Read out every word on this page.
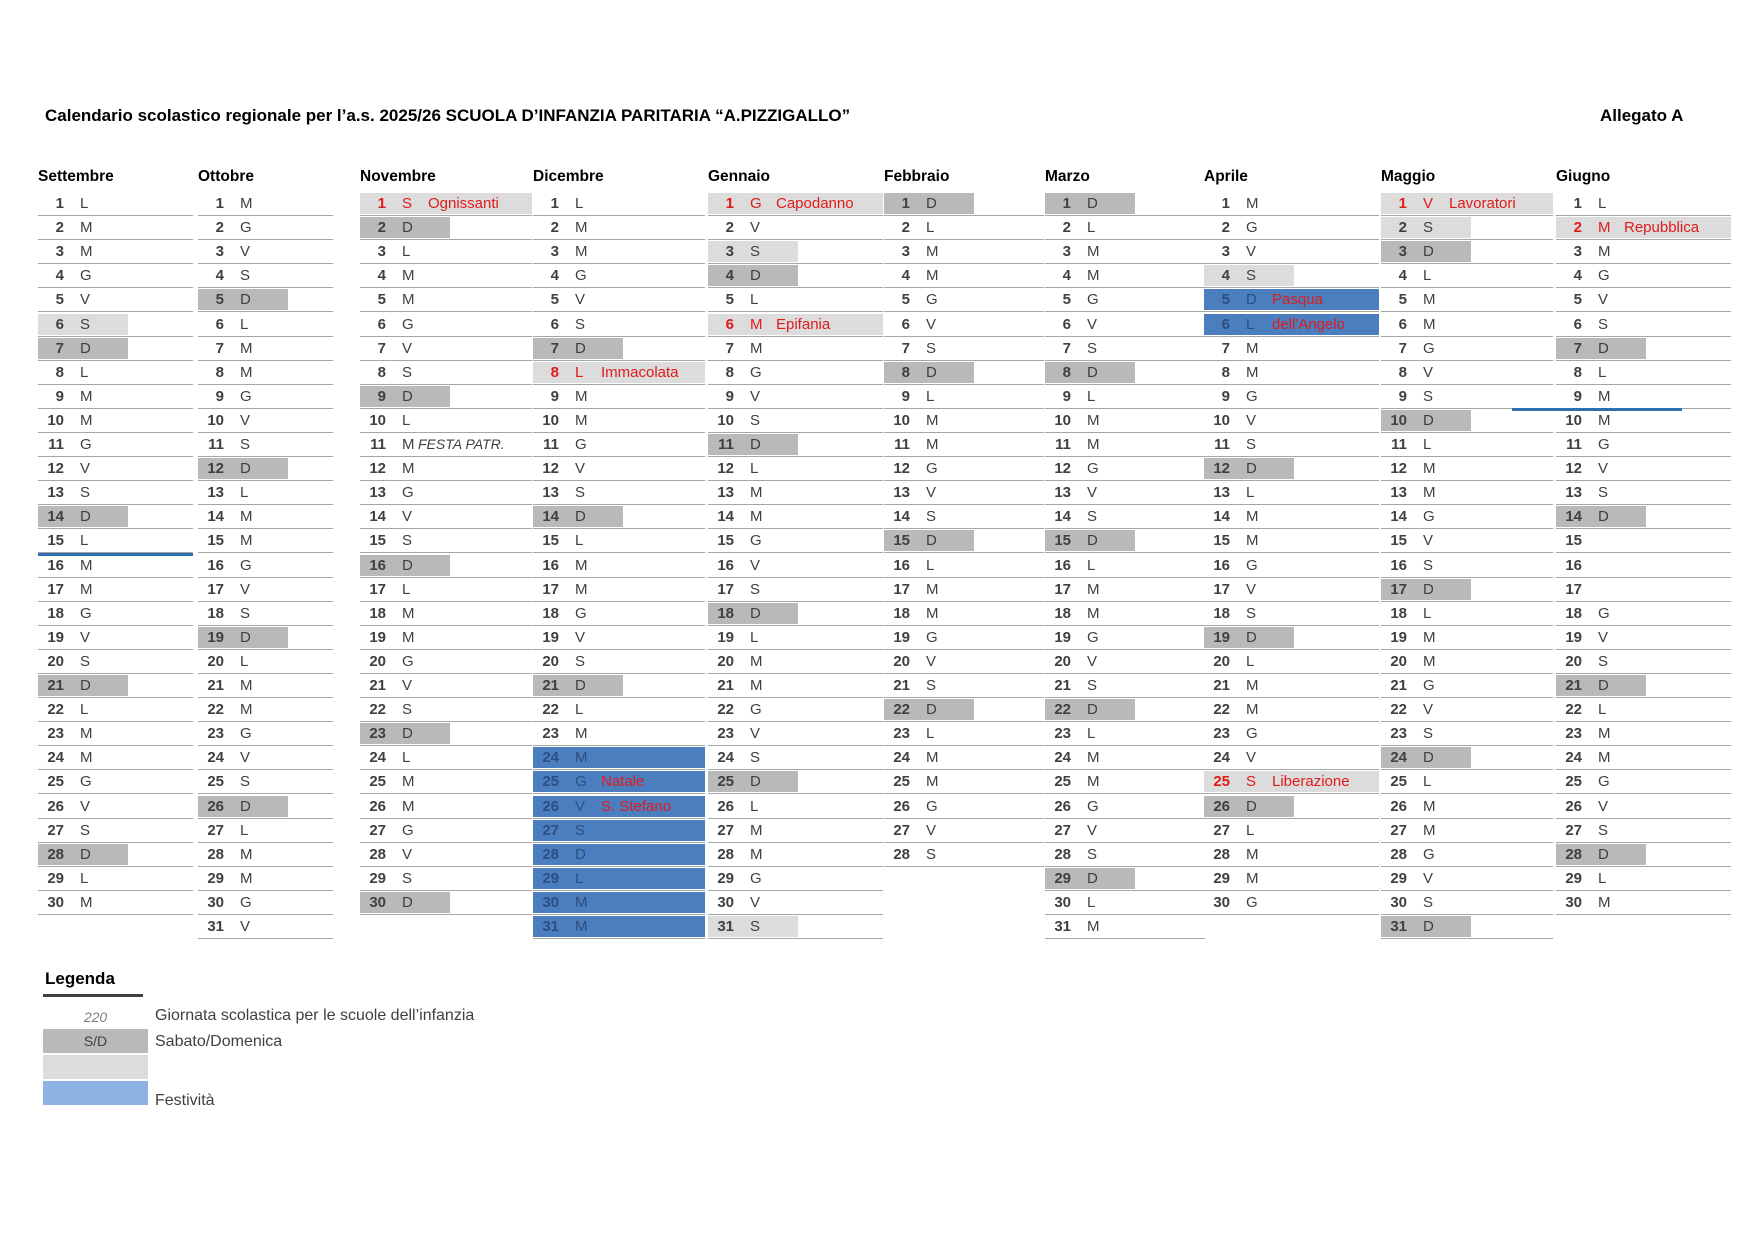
Calendario scolastico regionale per l’a.s. 2025/26 SCUOLA D’INFANZIA PARITARIA “A.PIZZIGALLO”	Allegato A
Settembre
1 L
2 M
3 M
4 G
5 V
6 S
7 D
8 L
9 M
10 M
11 G
12 V
13 S
14 D
15 L
16 M
17 M
18 G
19 V
20 S
21 D
22 L
23 M
24 M
25 G
26 V
27 S
28 D
29 L
30 M
Ottobre
1 M
2 G
3 V
4 S
5 D
6 L
7 M
8 M
9 G
10 V
11 S
12 D
13 L
14 M
15 M
16 G
17 V
18 S
19 D
20 L
21 M
22 M
23 G
24 V
25 S
26 D
27 L
28 M
29 M
30 G
31 V
Novembre
1 S Ognissanti
2 D
3 L
4 M
5 M
6 G
7 V
8 S
9 D
10 L
11 M FESTA PATR.
12 M
13 G
14 V
15 S
16 D
17 L
18 M
19 M
20 G
21 V
22 S
23 D
24 L
25 M
26 M
27 G
28 V
29 S
30 D
Dicembre
1 L
2 M
3 M
4 G
5 V
6 S
7 D
8 L Immacolata
9 M
10 M
11 G
12 V
13 S
14 D
15 L
16 M
17 M
18 G
19 V
20 S
21 D
22 L
23 M
24 M
25 G Natale
26 V S. Stefano
27 S
28 D
29 L
30 M
31 M
Gennaio
1 G Capodanno
2 V
3 S
4 D
5 L
6 M Epifania
7 M
8 G
9 V
10 S
11 D
12 L
13 M
14 M
15 G
16 V
17 S
18 D
19 L
20 M
21 M
22 G
23 V
24 S
25 D
26 L
27 M
28 M
29 G
30 V
31 S
Febbraio
1 D
2 L
3 M
4 M
5 G
6 V
7 S
8 D
9 L
10 M
11 M
12 G
13 V
14 S
15 D
16 L
17 M
18 M
19 G
20 V
21 S
22 D
23 L
24 M
25 M
26 G
27 V
28 S
Marzo
1 D
2 L
3 M
4 M
5 G
6 V
7 S
8 D
9 L
10 M
11 M
12 G
13 V
14 S
15 D
16 L
17 M
18 M
19 G
20 V
21 S
22 D
23 L
24 M
25 M
26 G
27 V
28 S
29 D
30 L
31 M
Aprile
1 M
2 G
3 V
4 S
5 D Pasqua
6 L dell'Angelo
7 M
8 M
9 G
10 V
11 S
12 D
13 L
14 M
15 M
16 G
17 V
18 S
19 D
20 L
21 M
22 M
23 G
24 V
25 S Liberazione
26 D
27 L
28 M
29 M
30 G
Maggio
1 V Lavoratori
2 S
3 D
4 L
5 M
6 M
7 G
8 V
9 S
10 D
11 L
12 M
13 M
14 G
15 V
16 S
17 D
18 L
19 M
20 M
21 G
22 V
23 S
24 D
25 L
26 M
27 M
28 G
29 V
30 S
31 D
Giugno
1 L
2 M Repubblica
3 M
4 G
5 V
6 S
7 D
8 L
9 M
10 M
11 G
12 V
13 S
14 D
15
16
17
18 G
19 V
20 S
21 D
22 L
23 M
24 M
25 G
26 V
27 S
28 D
29 L
30 M
Legenda
220	Giornata scolastica per le scuole dell’infanzia
S/D	Sabato/Domenica
Festività
